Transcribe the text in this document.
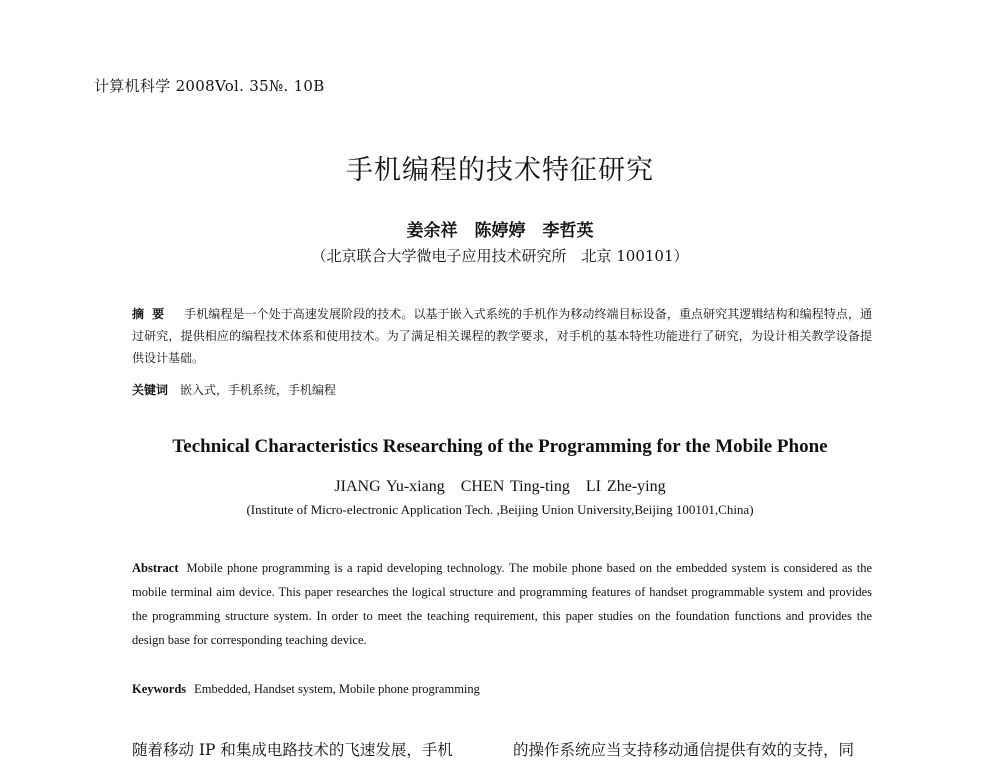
计算机科学 2008Vol. 35№. 10B
手机编程的技术特征研究
姜余祥　陈婷婷　李哲英
（北京联合大学微电子应用技术研究所　北京 100101）
摘要 手机编程是一个处于高速发展阶段的技术。以基于嵌入式系统的手机作为移动终端目标设备，重点研究其逻辑结构和编程特点，通过研究，提供相应的编程技术体系和使用技术。为了满足相关课程的教学要求，对手机的基本特性功能进行了研究，为设计相关教学设备提供设计基础。
关键词 嵌入式，手机系统，手机编程
Technical Characteristics Researching of the Programming for the Mobile Phone
JIANG Yu-xiang　CHEN Ting-ting　LI Zhe-ying
(Institute of Micro-electronic Application Tech. ,Beijing Union University,Beijing 100101,China)
Abstract Mobile phone programming is a rapid developing technology. The mobile phone based on the embedded system is considered as the mobile terminal aim device. This paper researches the logical structure and programming features of handset programmable system and provides the programming structure system. In order to meet the teaching requirement, this paper studies on the foundation functions and provides the design base for corresponding teaching device.
Keywords Embedded, Handset system, Mobile phone programming
随着移动 IP 和集成电路技术的飞速发展，手机	的操作系统应当支持移动通信提供有效的支持，同
